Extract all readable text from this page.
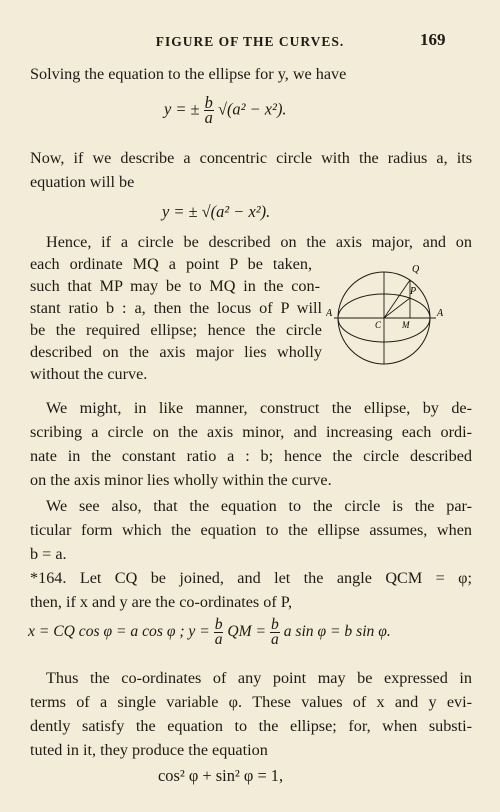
FIGURE OF THE CURVES.	169
Solving the equation to the ellipse for y, we have
y = ± $\frac{b}{a} √(a^2 - x^2)$.
Now, if we describe a concentric circle with the radius a, its
equation will be
y = ± √(a² − x²).
Hence, if a circle be described on the axis major, and on
each ordinate MQ a point P be taken,
such that MP may be to MQ in the con-
stant ratio b : a, then the locus of P will
be the required ellipse; hence the circle
described on the axis major lies wholly
without the curve.
Q
P
A	A
C M
We might, in like manner, construct the ellipse, by de-
scribing a circle on the axis minor, and increasing each ordi-
nate in the constant ratio a : b; hence the circle described
on the axis minor lies wholly within the curve.
We see also, that the equation to the circle is the par-
ticular form which the equation to the ellipse assumes, when
b = a.
*164. Let CQ be joined, and let the angle QCM = φ;
then, if x and y are the co-ordinates of P,
x = CQ cos φ = a cos φ ; $y = \frac{b}{a}$ QM = $\frac{b}{a}$ a sin φ = b sin φ.
Thus the co-ordinates of any point may be expressed in
terms of a single variable φ. These values of x and y evi-
dently satisfy the equation to the ellipse; for, when substi-
tuted in it, they produce the equation
cos² φ + sin² φ = 1,
